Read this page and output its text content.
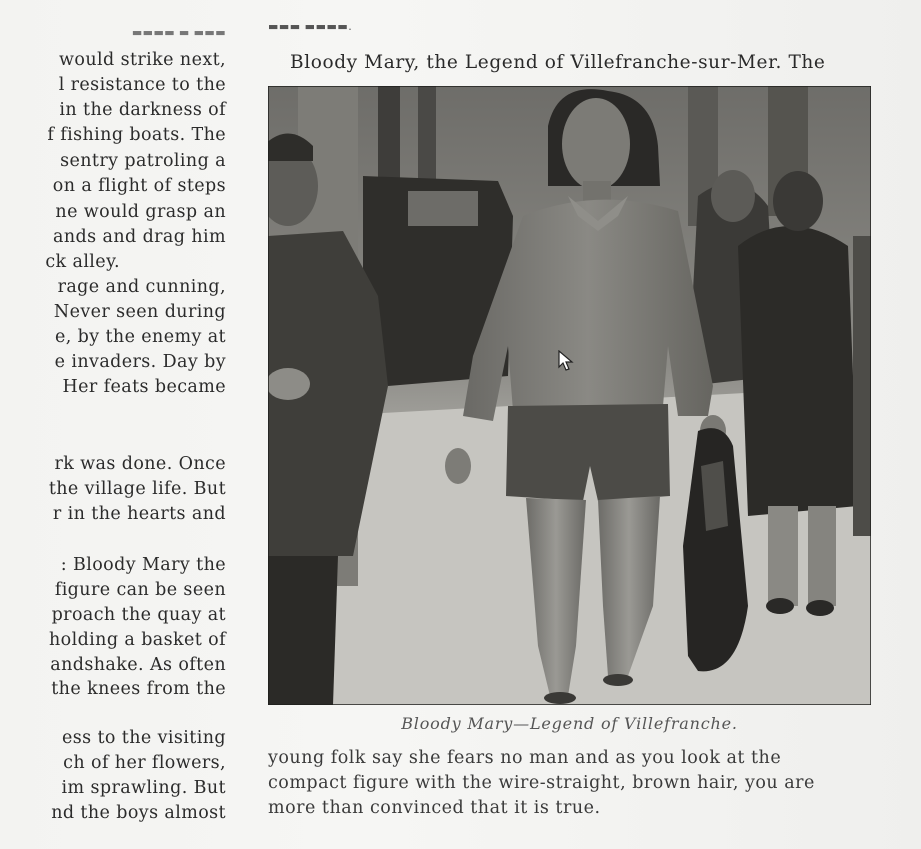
▬▬▬▬ ▬ ▬▬▬
would strike next,
l resistance to the
in the darkness of
f fishing boats. The
sentry patroling a
on a flight of steps
ne would grasp an
ands and drag him
ck alley.
rage and cunning,
Never seen during
e, by the enemy at
e invaders. Day by
Her feats became
rk was done. Once
the village life. But
r in the hearts and
: Bloody Mary the
figure can be seen
proach the quay at
holding a basket of
andshake. As often
the knees from the
ess to the visiting
ch of her flowers,
im sprawling. But
nd the boys almost
▬▬▬ ▬▬▬▬.
Bloody Mary, the Legend of Villefranche-sur-Mer. The
Bloody Mary—Legend of Villefranche.
young folk say she fears no man and as you look at the
compact figure with the wire-straight, brown hair, you are
more than convinced that it is true.
